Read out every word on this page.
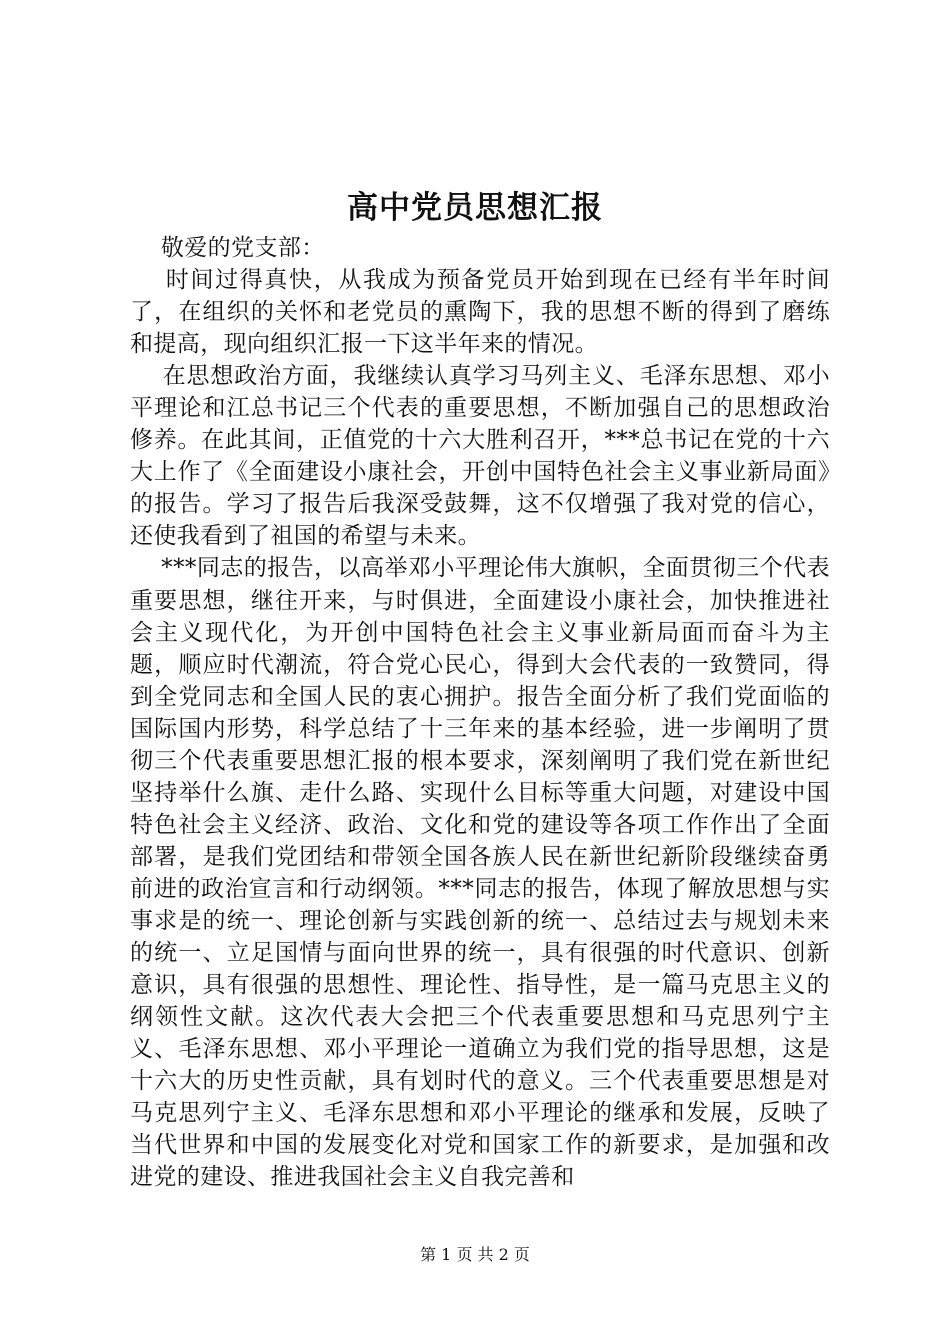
高中党员思想汇报

敬爱的党支部：

时间过得真快，从我成为预备党员开始到现在已经有半年时间了，在组织的关怀和老党员的熏陶下，我的思想不断的得到了磨练和提高，现向组织汇报一下这半年来的情况。

在思想政治方面，我继续认真学习马列主义、毛泽东思想、邓小平理论和江总书记三个代表的重要思想，不断加强自己的思想政治修养。在此其间，正值党的十六大胜利召开，***总书记在党的十六大上作了《全面建设小康社会，开创中国特色社会主义事业新局面》的报告。学习了报告后我深受鼓舞，这不仅增强了我对党的信心，还使我看到了祖国的希望与未来。

***同志的报告，以高举邓小平理论伟大旗帜，全面贯彻三个代表重要思想，继往开来，与时俱进，全面建设小康社会，加快推进社会主义现代化，为开创中国特色社会主义事业新局面而奋斗为主题，顺应时代潮流，符合党心民心，得到大会代表的一致赞同，得到全党同志和全国人民的衷心拥护。报告全面分析了我们党面临的国际国内形势，科学总结了十三年来的基本经验，进一步阐明了贯彻三个代表重要思想汇报的根本要求，深刻阐明了我们党在新世纪坚持举什么旗、走什么路、实现什么目标等重大问题，对建设中国特色社会主义经济、政治、文化和党的建设等各项工作作出了全面部署，是我们党团结和带领全国各族人民在新世纪新阶段继续奋勇前进的政治宣言和行动纲领。***同志的报告，体现了解放思想与实事求是的统一、理论创新与实践创新的统一、总结过去与规划未来的统一、立足国情与面向世界的统一，具有很强的时代意识、创新意识，具有很强的思想性、理论性、指导性，是一篇马克思主义的纲领性文献。这次代表大会把三个代表重要思想和马克思列宁主义、毛泽东思想、邓小平理论一道确立为我们党的指导思想，这是十六大的历史性贡献，具有划时代的意义。三个代表重要思想是对马克思列宁主义、毛泽东思想和邓小平理论的继承和发展，反映了当代世界和中国的发展变化对党和国家工作的新要求，是加强和改进党的建设、推进我国社会主义自我完善和

第 1 页 共 2 页
